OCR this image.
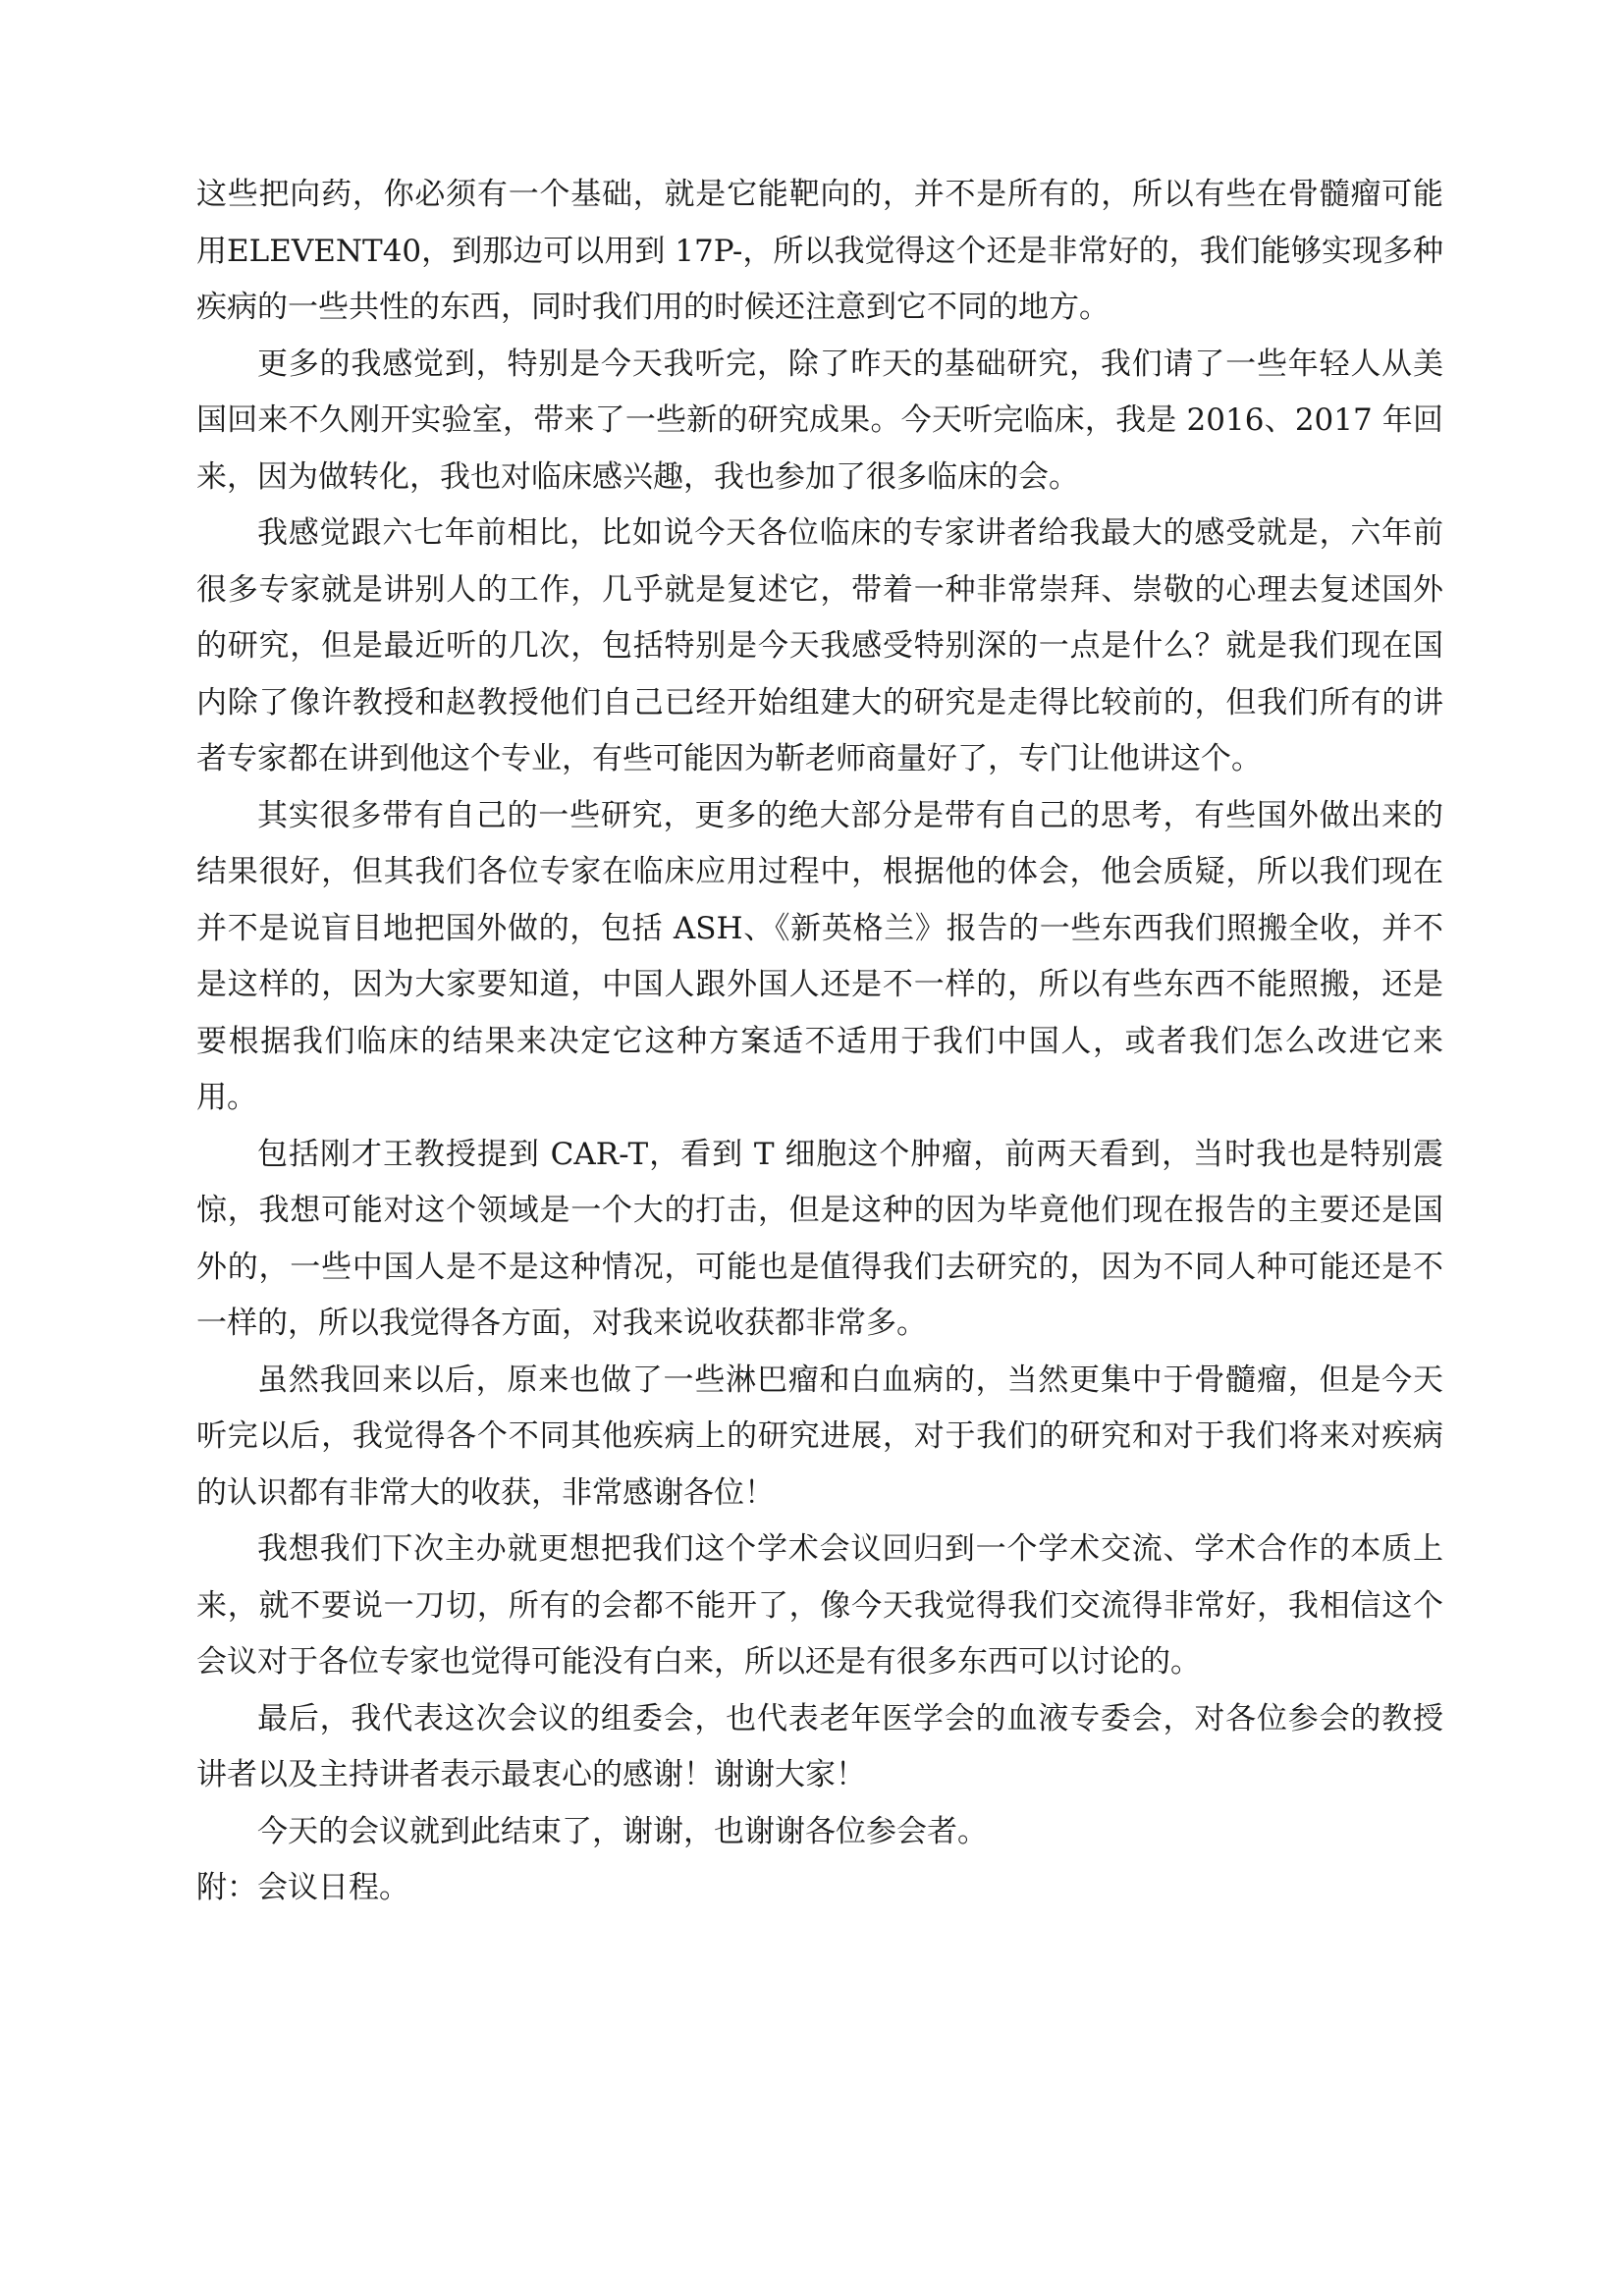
这些把向药，你必须有一个基础，就是它能靶向的，并不是所有的，所以有些在骨髓瘤可能用ELEVENT40，到那边可以用到 17P-，所以我觉得这个还是非常好的，我们能够实现多种疾病的一些共性的东西，同时我们用的时候还注意到它不同的地方。

更多的我感觉到，特别是今天我听完，除了昨天的基础研究，我们请了一些年轻人从美国回来不久刚开实验室，带来了一些新的研究成果。今天听完临床，我是 2016、2017 年回来，因为做转化，我也对临床感兴趣，我也参加了很多临床的会。

我感觉跟六七年前相比，比如说今天各位临床的专家讲者给我最大的感受就是，六年前很多专家就是讲别人的工作，几乎就是复述它，带着一种非常崇拜、崇敬的心理去复述国外的研究，但是最近听的几次，包括特别是今天我感受特别深的一点是什么？就是我们现在国内除了像许教授和赵教授他们自己已经开始组建大的研究是走得比较前的，但我们所有的讲者专家都在讲到他这个专业，有些可能因为靳老师商量好了，专门让他讲这个。

其实很多带有自己的一些研究，更多的绝大部分是带有自己的思考，有些国外做出来的结果很好，但其我们各位专家在临床应用过程中，根据他的体会，他会质疑，所以我们现在并不是说盲目地把国外做的，包括 ASH、《新英格兰》报告的一些东西我们照搬全收，并不是这样的，因为大家要知道，中国人跟外国人还是不一样的，所以有些东西不能照搬，还是要根据我们临床的结果来决定它这种方案适不适用于我们中国人，或者我们怎么改进它来用。

包括刚才王教授提到 CAR-T，看到 T 细胞这个肿瘤，前两天看到，当时我也是特别震惊，我想可能对这个领域是一个大的打击，但是这种的因为毕竟他们现在报告的主要还是国外的，一些中国人是不是这种情况，可能也是值得我们去研究的，因为不同人种可能还是不一样的，所以我觉得各方面，对我来说收获都非常多。

虽然我回来以后，原来也做了一些淋巴瘤和白血病的，当然更集中于骨髓瘤，但是今天听完以后，我觉得各个不同其他疾病上的研究进展，对于我们的研究和对于我们将来对疾病的认识都有非常大的收获，非常感谢各位！

我想我们下次主办就更想把我们这个学术会议回归到一个学术交流、学术合作的本质上来，就不要说一刀切，所有的会都不能开了，像今天我觉得我们交流得非常好，我相信这个会议对于各位专家也觉得可能没有白来，所以还是有很多东西可以讨论的。

最后，我代表这次会议的组委会，也代表老年医学会的血液专委会，对各位参会的教授讲者以及主持讲者表示最衷心的感谢！谢谢大家！

今天的会议就到此结束了，谢谢，也谢谢各位参会者。

附：会议日程。
